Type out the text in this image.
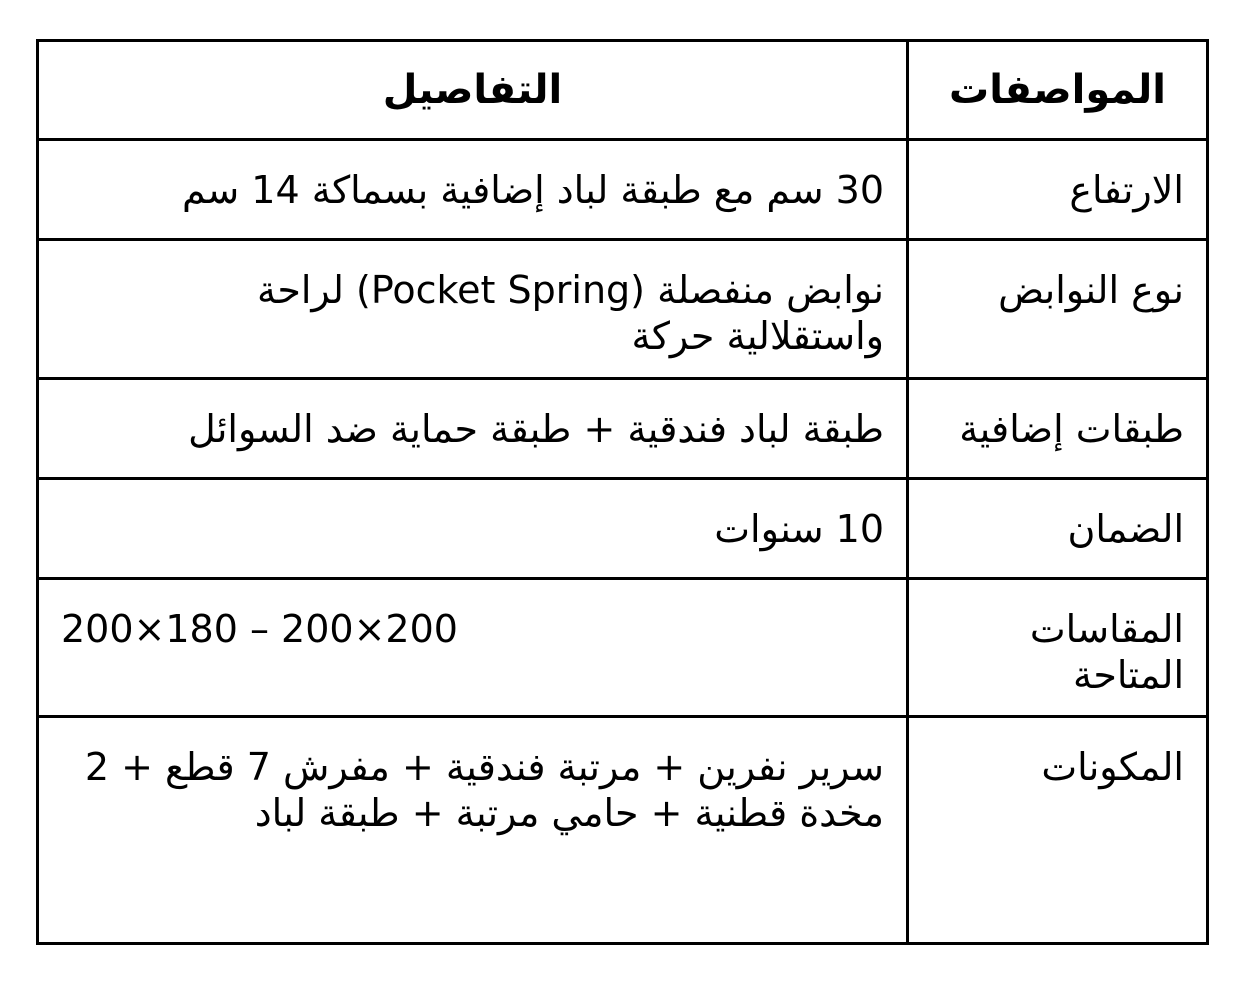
المواصفات	التفاصيل

الارتفاع	30 سم مع طبقة لباد إضافية بسماكة 14 سم

نوع النوابض	نوابض منفصلة (Pocket Spring) لراحة واستقلالية حركة

طبقات إضافية	طبقة لباد فندقية + طبقة حماية ضد السوائل

الضمان	10 سنوات

المقاسات المتاحة	200×180 – 200×200

المكونات	سرير نفرين + مرتبة فندقية + مفرش 7 قطع + 2 مخدة قطنية + حامي مرتبة + طبقة لباد
